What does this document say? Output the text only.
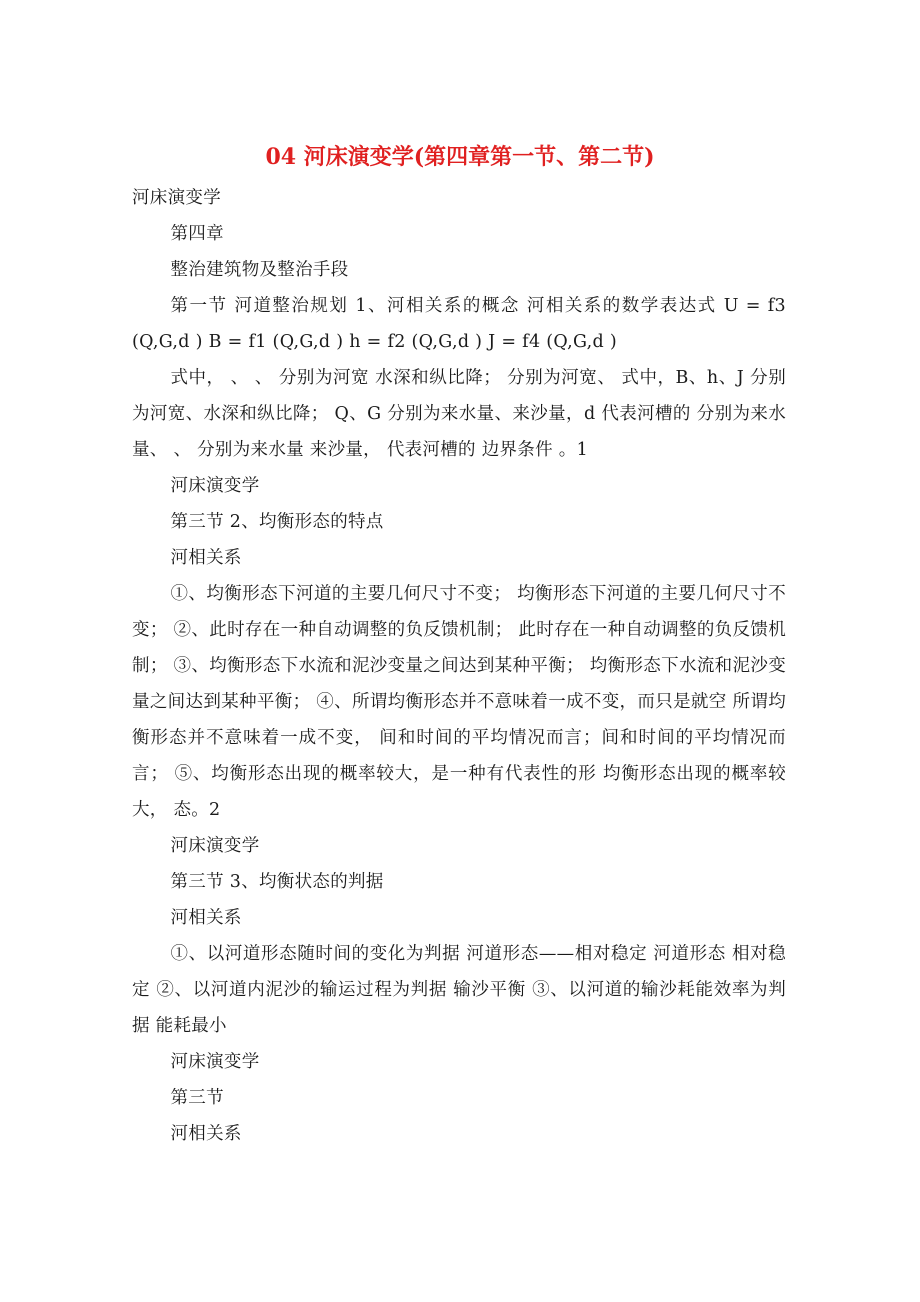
04 河床演变学(第四章第一节、第二节)

河床演变学

第四章

整治建筑物及整治手段

第一节 河道整治规划 1、河相关系的概念 河相关系的数学表达式 U = f3 (Q,G,d ) B = f1 (Q,G,d ) h = f2 (Q,G,d ) J = f4 (Q,G,d )

式中， 、 、 分别为河宽 水深和纵比降； 分别为河宽、 式中，B、h、J 分别为河宽、水深和纵比降； Q、G 分别为来水量、来沙量，d 代表河槽的 分别为来水量、 、 分别为来水量 来沙量， 代表河槽的 边界条件 。1

河床演变学

第三节 2、均衡形态的特点

河相关系

①、均衡形态下河道的主要几何尺寸不变； 均衡形态下河道的主要几何尺寸不变； ②、此时存在一种自动调整的负反馈机制； 此时存在一种自动调整的负反馈机制； ③、均衡形态下水流和泥沙变量之间达到某种平衡； 均衡形态下水流和泥沙变量之间达到某种平衡； ④、所谓均衡形态并不意味着一成不变，而只是就空 所谓均衡形态并不意味着一成不变， 间和时间的平均情况而言；间和时间的平均情况而言； ⑤、均衡形态出现的概率较大，是一种有代表性的形 均衡形态出现的概率较大， 态。2

河床演变学

第三节 3、均衡状态的判据

河相关系

①、以河道形态随时间的变化为判据 河道形态——相对稳定 河道形态 相对稳定 ②、以河道内泥沙的输运过程为判据 输沙平衡 ③、以河道的输沙耗能效率为判据 能耗最小

河床演变学

第三节

河相关系
